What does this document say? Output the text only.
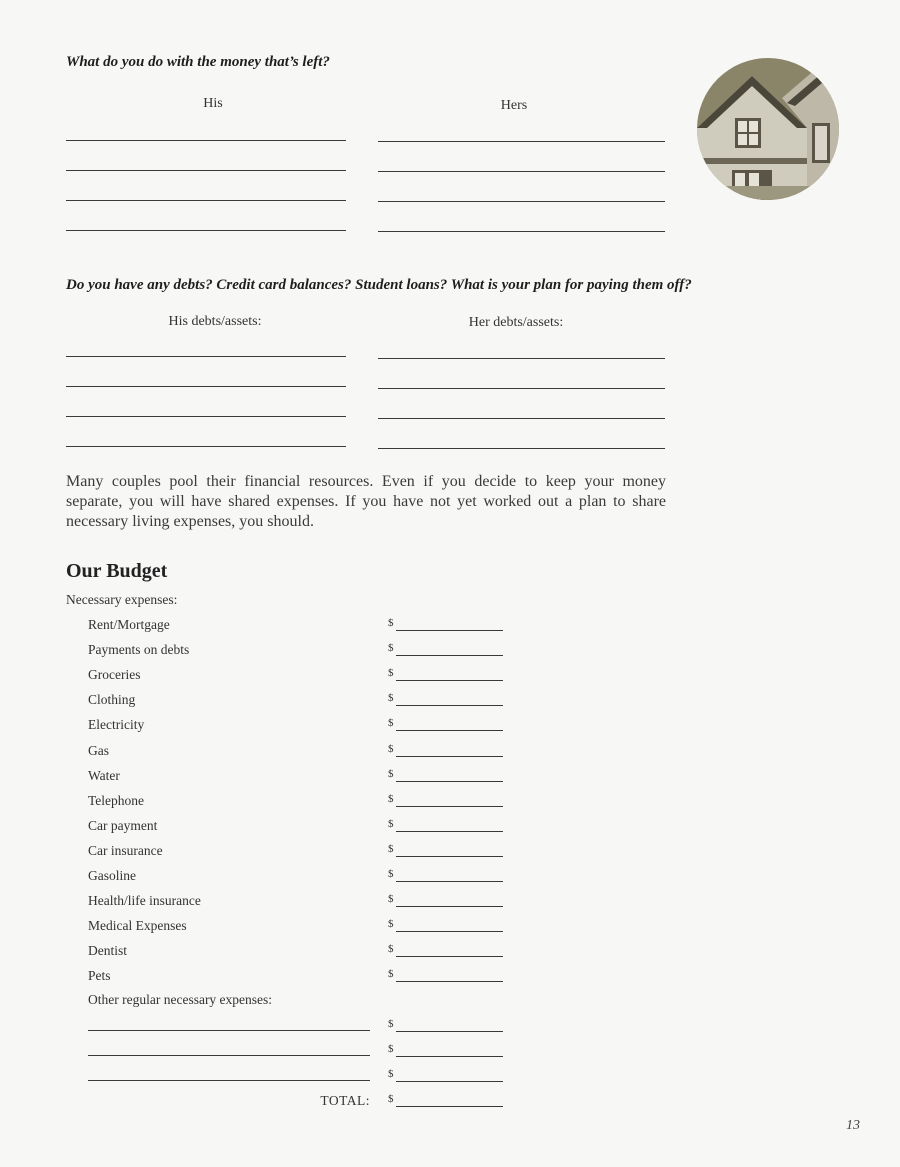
What do you do with the money that’s left?
His	Hers
Do you have any debts? Credit card balances? Student loans? What is your plan for paying them off?
His debts/assets:	Her debts/assets:
Many couples pool their financial resources. Even if you decide to keep your money separate, you will have shared expenses. If you have not yet worked out a plan to share necessary living expenses, you should.
Our Budget
Necessary expenses:
Rent/Mortgage	$
Payments on debts	$
Groceries	$
Clothing	$
Electricity	$
Gas	$
Water	$
Telephone	$
Car payment	$
Car insurance	$
Gasoline	$
Health/life insurance	$
Medical Expenses	$
Dentist	$
Pets	$
Other regular necessary expenses:
$
$
$
TOTAL: $
13
